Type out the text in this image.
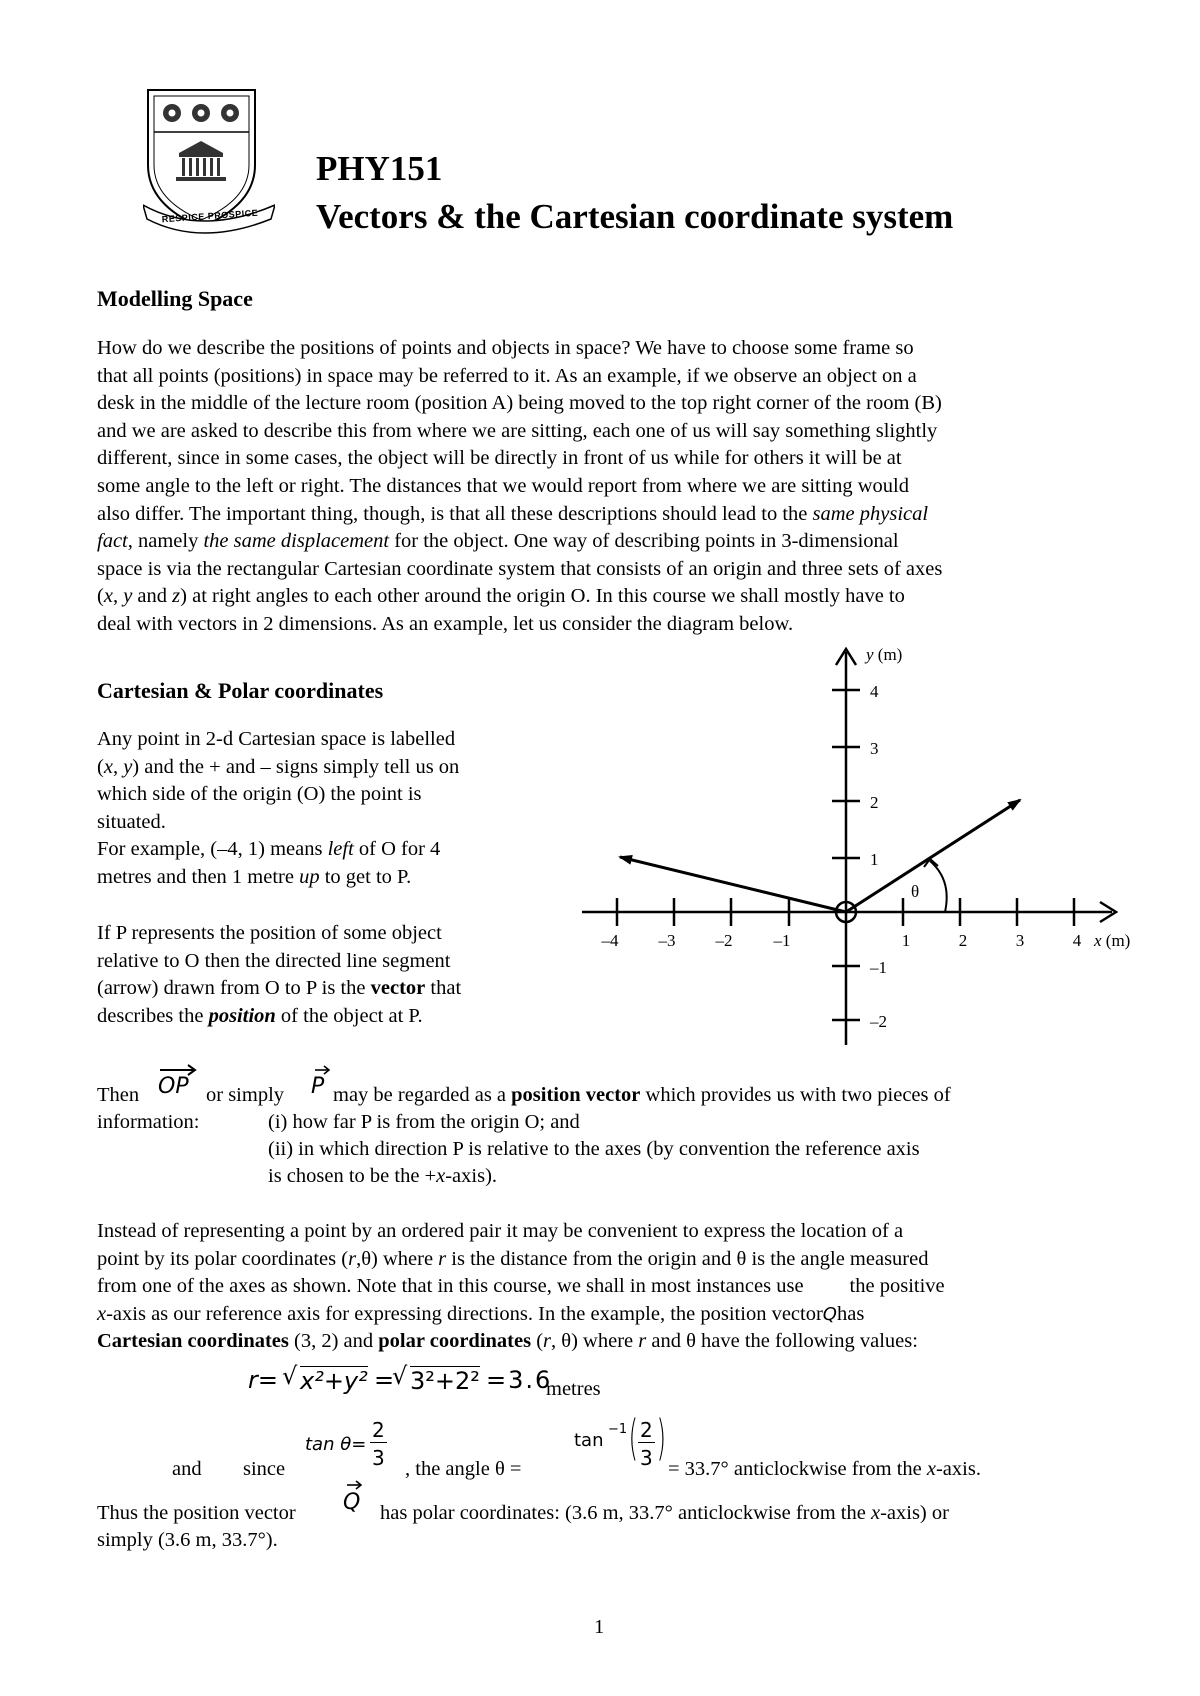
RESPICE PROSPICE
PHY151
Vectors & the Cartesian coordinate system
Modelling Space
How do we describe the positions of points and objects in space? We have to choose some frame so
that all points (positions) in space may be referred to it. As an example, if we observe an object on a
desk in the middle of the lecture room (position A) being moved to the top right corner of the room (B)
and we are asked to describe this from where we are sitting, each one of us will say something slightly
different, since in some cases, the object will be directly in front of us while for others it will be at
some angle to the left or right. The distances that we would report from where we are sitting would
also differ. The important thing, though, is that all these descriptions should lead to the same physical
fact, namely the same displacement for the object. One way of describing points in 3-dimensional
space is via the rectangular Cartesian coordinate system that consists of an origin and three sets of axes
(x, y and z) at right angles to each other around the origin O. In this course we shall mostly have to
deal with vectors in 2 dimensions. As an example, let us consider the diagram below.
Cartesian & Polar coordinates
Any point in 2-d Cartesian space is labelled
(x, y) and the + and – signs simply tell us on
which side of the origin (O) the point is
situated.
For example, (–4, 1) means left of O for 4
metres and then 1 metre up to get to P.
If P represents the position of some object
relative to O then the directed line segment
(arrow) drawn from O to P is the vector that
describes the position of the object at P.
θ
y (m)
x (m)
–4 –3 –2 –1	1	2	3	4
4
3
2
1
–1
–2
Then OP or simply P may be regarded as a position vector which provides us with two pieces of
information:	(i) how far P is from the origin O; and
(ii) in which direction P is relative to the axes (by convention the reference axis
is chosen to be the +x-axis).
Instead of representing a point by an ordered pair it may be convenient to express the location of a
point by its polar coordinates (r,θ) where r is the distance from the origin and θ is the angle measured
from one of the axes as shown. Note that in this course, we shall in most instances use the positive
x-axis as our reference axis for expressing directions. In the example, the position vectorQhas
Cartesian coordinates (3, 2) and polar coordinates (r, θ) where r and θ have the following values:
r= √ x²+y² =
√ 3²+2² =3.6
metres
and since
tan θ=
2
3 , the angle θ =
tan
−1 ( 2
3 )
= 33.7° anticlockwise from the x-axis.
Thus the position vector Q has polar coordinates: (3.6 m, 33.7° anticlockwise from the x-axis) or
simply (3.6 m, 33.7°).
1
